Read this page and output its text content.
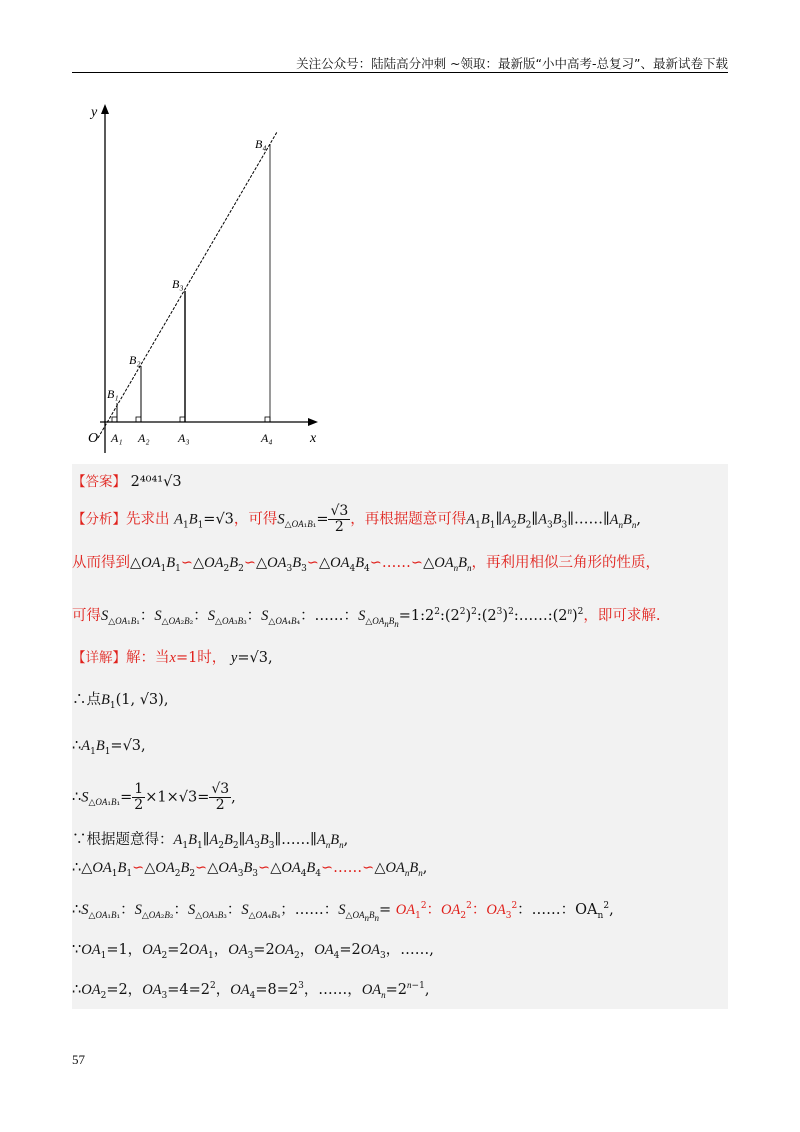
关注公众号：陆陆高分冲刺 ~领取：最新版“小中高考-总复习”、最新试卷下载
y
x
O A₁ A₂ A₃	A₄
B₁
B₂
B₃
B₄
【答案】 2⁴⁰⁴¹√3
【分析】先求出 $A_1B_1=√3$，可得$S_{\triangle OA_1B_1}= \frac{√3}{2}$ ，再根据题意可得$A_1B_1\parallel A_2B_2\parallel A_3B_3\parallel\dots\dots\parallel A_nB_n$,
从而得到$\triangle OA_1B_1∽\triangle OA_2B_2∽\triangle OA_3B_3∽\triangle OA_4B_4∽\dots\dots∽\triangle OA_nB_n$，再利用相似三角形的性质，
可得$S_{\triangle OA_1B_1}$：$S_{\triangle OA_2B_2}$：$S_{\triangle OA_3B_3}$：$S_{\triangle OA_4B_4}$：……：$S_{\triangle OA_nB_n}=1:2^2:(2^2)^2:(2^3)^2:\dots\dots:(2^n)^2$，即可求解.
【详解】解：当x=1时， y=√3,
∴点$B_1(1$, √3),
$\therefore A_1B_1=√3$,
$\therefore S_{\triangle OA_1B_1}= \frac{1}{2} \times 1\times√3= \frac{√3}{2}$ ,
∵根据题意得：$A_1B_1\parallel A_2B_2\parallel A_3B_3\parallel\dots\dots\parallel A_nB_n$,
$\therefore\triangle OA_1B_1∽\triangle OA_2B_2∽\triangle OA_3B_3∽\triangle OA_4B_4∽\dots\dots∽\triangle OA_nB_n$,
$\therefore S_{\triangle OA_1B_1}$：$S_{\triangle OA_2B_2}$：$S_{\triangle OA_3B_3}$：$S_{\triangle OA_4B_4}$；……：$S_{\triangle OA_nB_n}= OA_1^2$：$OA_2^2$：$OA_3^2$：……：$OA_n^2$,
$\because OA_1=1$，$OA_2=2OA_1$，$OA_3=2OA_2$，$OA_4=2OA_3$，……,
$\therefore OA_2=2$，$OA_3=4=2^2$，$OA_4=8=2^3$，……，$OA_n=2^{n-1}$,
57
